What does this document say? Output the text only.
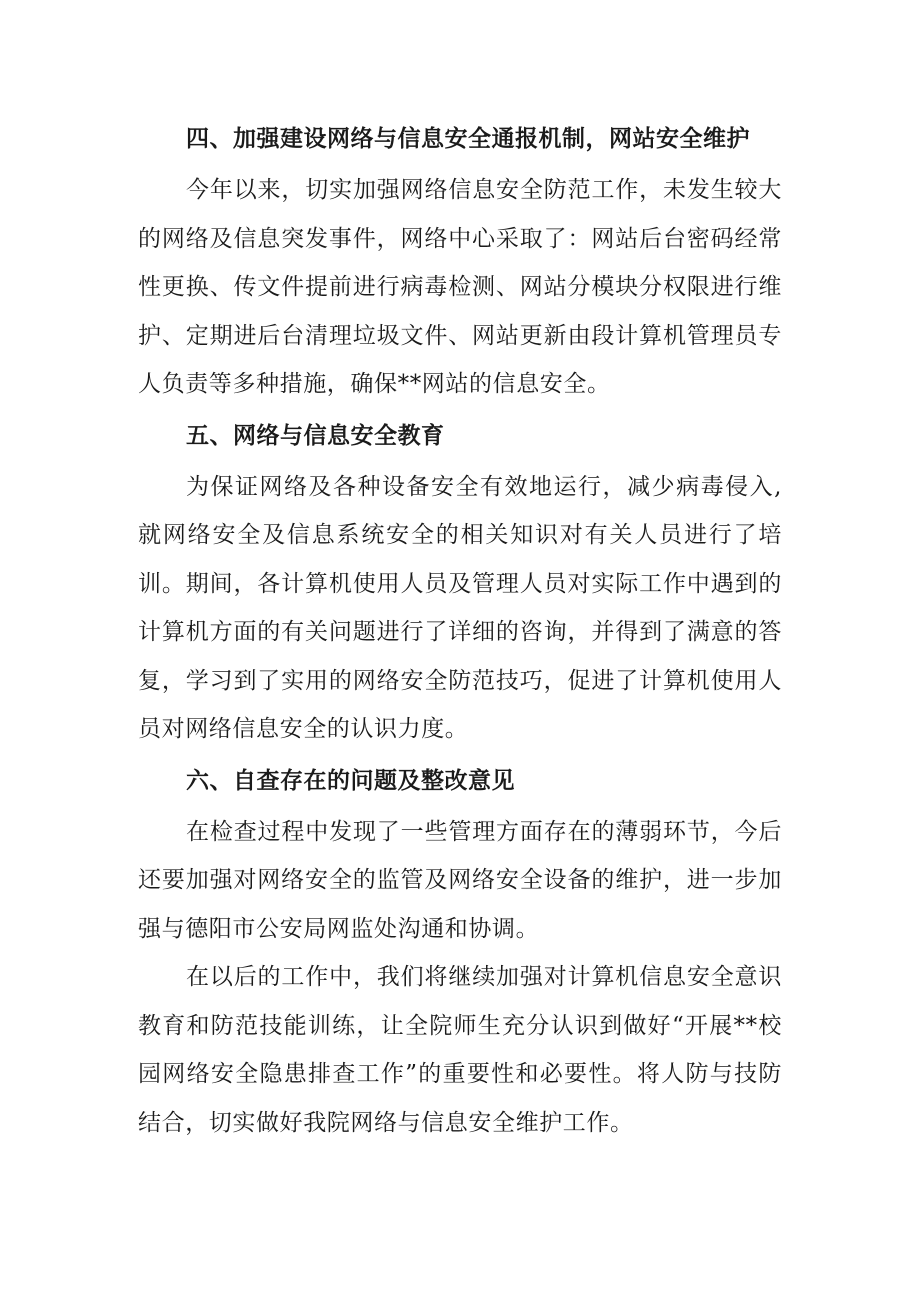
四、加强建设网络与信息安全通报机制，网站安全维护

今年以来，切实加强网络信息安全防范工作，未发生较大的网络及信息突发事件，网络中心采取了：网站后台密码经常性更换、传文件提前进行病毒检测、网站分模块分权限进行维护、定期进后台清理垃圾文件、网站更新由段计算机管理员专人负责等多种措施，确保**网站的信息安全。

五、网络与信息安全教育

为保证网络及各种设备安全有效地运行，减少病毒侵入,就网络安全及信息系统安全的相关知识对有关人员进行了培训。期间，各计算机使用人员及管理人员对实际工作中遇到的计算机方面的有关问题进行了详细的咨询，并得到了满意的答复，学习到了实用的网络安全防范技巧，促进了计算机使用人员对网络信息安全的认识力度。

六、自查存在的问题及整改意见

在检查过程中发现了一些管理方面存在的薄弱环节，今后还要加强对网络安全的监管及网络安全设备的维护，进一步加强与德阳市公安局网监处沟通和协调。

在以后的工作中，我们将继续加强对计算机信息安全意识教育和防范技能训练，让全院师生充分认识到做好“开展**校园网络安全隐患排查工作”的重要性和必要性。将人防与技防结合，切实做好我院网络与信息安全维护工作。
